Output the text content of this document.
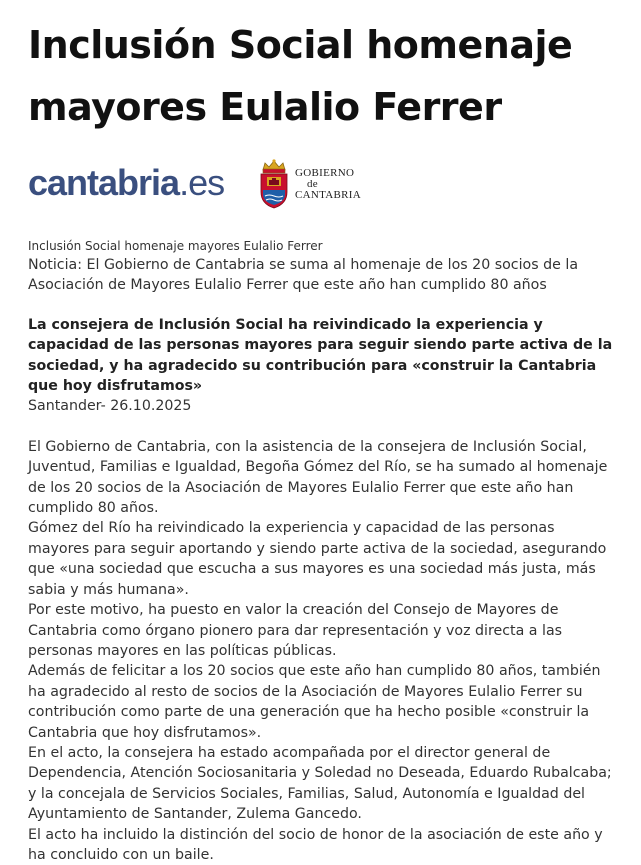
Inclusión Social homenaje mayores Eulalio Ferrer
cantabria.es	GOBIERNO
de
CANTABRIA
Inclusión Social homenaje mayores Eulalio Ferrer
Noticia: El Gobierno de Cantabria se suma al homenaje de los 20 socios de la Asociación de Mayores Eulalio Ferrer que este año han cumplido 80 años
La consejera de Inclusión Social ha reivindicado la experiencia y capacidad de las personas mayores para seguir siendo parte activa de la sociedad, y ha agradecido su contribución para «construir la Cantabria que hoy disfrutamos»
Santander- 26.10.2025
El Gobierno de Cantabria, con la asistencia de la consejera de Inclusión Social, Juventud, Familias e Igualdad, Begoña Gómez del Río, se ha sumado al homenaje de los 20 socios de la Asociación de Mayores Eulalio Ferrer que este año han cumplido 80 años.
Gómez del Río ha reivindicado la experiencia y capacidad de las personas mayores para seguir aportando y siendo parte activa de la sociedad, asegurando que «una sociedad que escucha a sus mayores es una sociedad más justa, más sabia y más humana».
Por este motivo, ha puesto en valor la creación del Consejo de Mayores de Cantabria como órgano pionero para dar representación y voz directa a las personas mayores en las políticas públicas.
Además de felicitar a los 20 socios que este año han cumplido 80 años, también ha agradecido al resto de socios de la Asociación de Mayores Eulalio Ferrer su contribución como parte de una generación que ha hecho posible «construir la Cantabria que hoy disfrutamos».
En el acto, la consejera ha estado acompañada por el director general de Dependencia, Atención Sociosanitaria y Soledad no Deseada, Eduardo Rubalcaba; y la concejala de Servicios Sociales, Familias, Salud, Autonomía e Igualdad del Ayuntamiento de Santander, Zulema Gancedo.
El acto ha incluido la distinción del socio de honor de la asociación de este año y ha concluido con un baile.
